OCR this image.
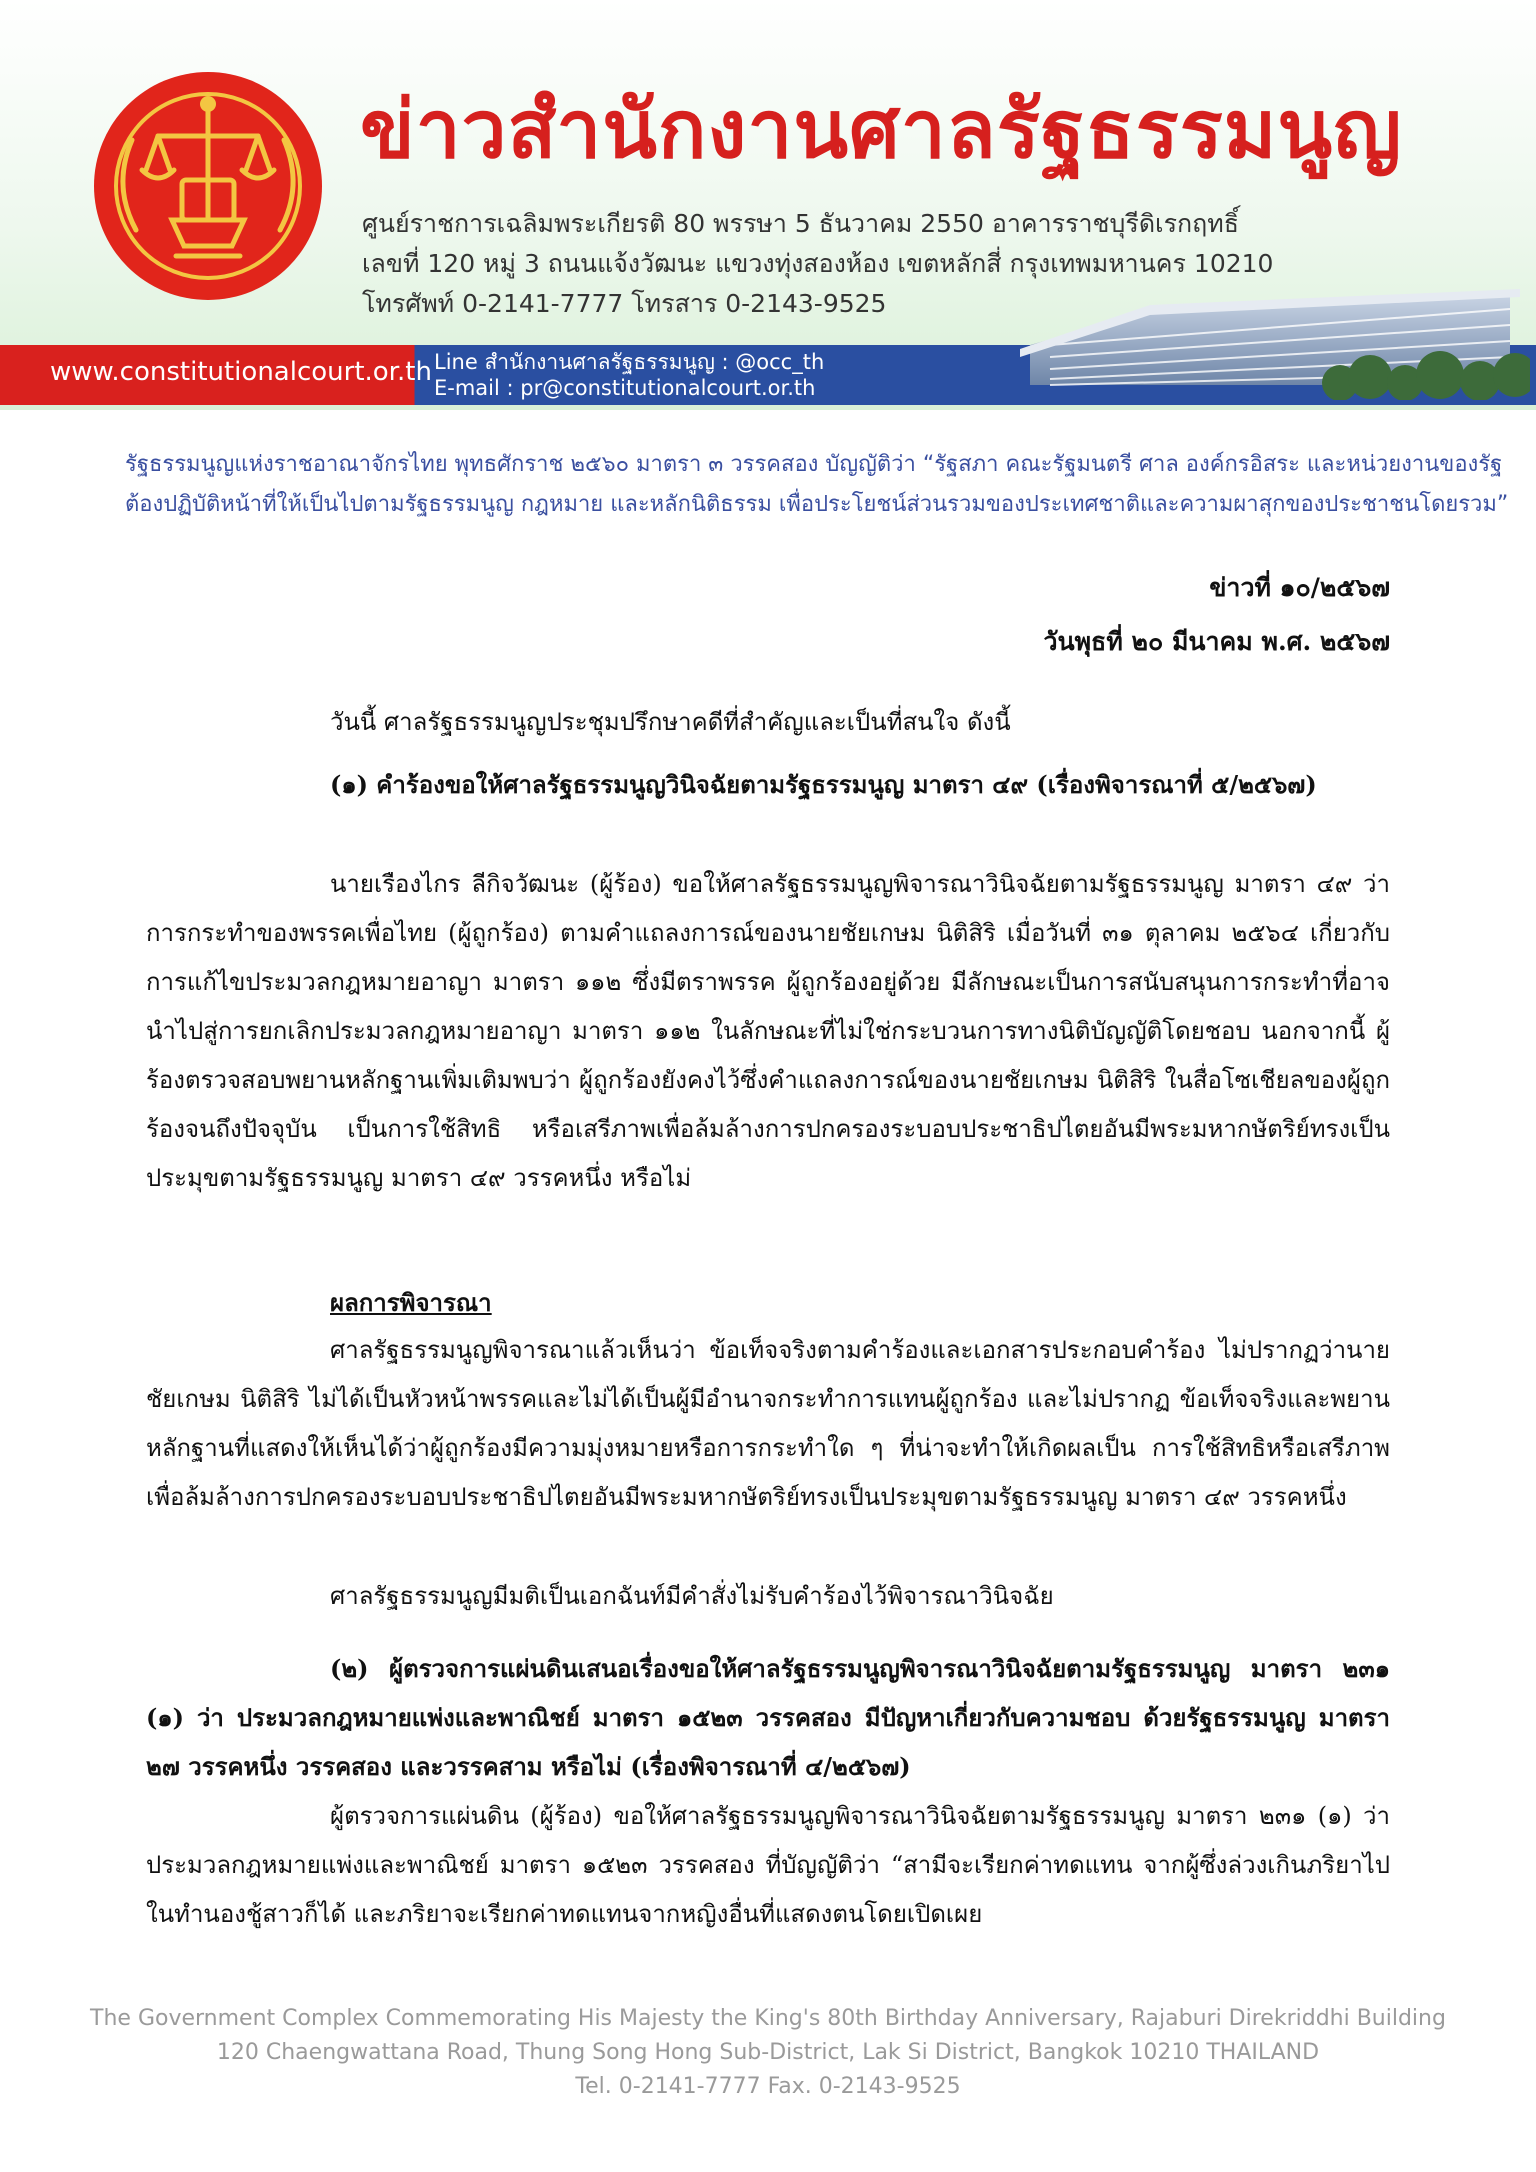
ข่าวสำนักงานศาลรัฐธรรมนูญ
ศูนย์ราชการเฉลิมพระเกียรติ 80 พรรษา 5 ธันวาคม 2550 อาคารราชบุรีดิเรกฤทธิ์
เลขที่ 120 หมู่ 3 ถนนแจ้งวัฒนะ แขวงทุ่งสองห้อง เขตหลักสี่ กรุงเทพมหานคร 10210
โทรศัพท์ 0-2141-7777 โทรสาร 0-2143-9525
www.constitutionalcourt.or.th Line สำนักงานศาลรัฐธรรมนูญ : @occ_th
E-mail : pr@constitutionalcourt.or.th
รัฐธรรมนูญแห่งราชอาณาจักรไทย พุทธศักราช ๒๕๖๐ มาตรา ๓ วรรคสอง บัญญัติว่า “รัฐสภา คณะรัฐมนตรี ศาล องค์กรอิสระ และหน่วยงานของรัฐ
ต้องปฏิบัติหน้าที่ให้เป็นไปตามรัฐธรรมนูญ กฎหมาย และหลักนิติธรรม เพื่อประโยชน์ส่วนรวมของประเทศชาติและความผาสุกของประชาชนโดยรวม”
ข่าวที่ ๑๐/๒๕๖๗
วันพุธที่ ๒๐ มีนาคม พ.ศ. ๒๕๖๗
วันนี้ ศาลรัฐธรรมนูญประชุมปรึกษาคดีที่สำคัญและเป็นที่สนใจ ดังนี้
(๑) คำร้องขอให้ศาลรัฐธรรมนูญวินิจฉัยตามรัฐธรรมนูญ มาตรา ๔๙ (เรื่องพิจารณาที่ ๕/๒๕๖๗)
นายเรืองไกร ลีกิจวัฒนะ (ผู้ร้อง) ขอให้ศาลรัฐธรรมนูญพิจารณาวินิจฉัยตามรัฐธรรมนูญ มาตรา ๔๙ ว่า การกระทำของพรรคเพื่อไทย (ผู้ถูกร้อง) ตามคำแถลงการณ์ของนายชัยเกษม นิติสิริ เมื่อวันที่ ๓๑ ตุลาคม ๒๕๖๔ เกี่ยวกับการแก้ไขประมวลกฎหมายอาญา มาตรา ๑๑๒ ซึ่งมีตราพรรค ผู้ถูกร้องอยู่ด้วย มีลักษณะเป็นการสนับสนุนการกระทำที่อาจนำไปสู่การยกเลิกประมวลกฎหมายอาญา มาตรา ๑๑๒ ในลักษณะที่ไม่ใช่กระบวนการทางนิติบัญญัติโดยชอบ นอกจากนี้ ผู้ร้องตรวจสอบพยานหลักฐานเพิ่มเติมพบว่า ผู้ถูกร้องยังคงไว้ซึ่งคำแถลงการณ์ของนายชัยเกษม นิติสิริ ในสื่อโซเชียลของผู้ถูกร้องจนถึงปัจจุบัน เป็นการใช้สิทธิ หรือเสรีภาพเพื่อล้มล้างการปกครองระบอบประชาธิปไตยอันมีพระมหากษัตริย์ทรงเป็นประมุขตามรัฐธรรมนูญ มาตรา ๔๙ วรรคหนึ่ง หรือไม่
ผลการพิจารณา
ศาลรัฐธรรมนูญพิจารณาแล้วเห็นว่า ข้อเท็จจริงตามคำร้องและเอกสารประกอบคำร้อง ไม่ปรากฏว่านายชัยเกษม นิติสิริ ไม่ได้เป็นหัวหน้าพรรคและไม่ได้เป็นผู้มีอำนาจกระทำการแทนผู้ถูกร้อง และไม่ปรากฏ ข้อเท็จจริงและพยานหลักฐานที่แสดงให้เห็นได้ว่าผู้ถูกร้องมีความมุ่งหมายหรือการกระทำใด ๆ ที่น่าจะทำให้เกิดผลเป็น การใช้สิทธิหรือเสรีภาพเพื่อล้มล้างการปกครองระบอบประชาธิปไตยอันมีพระมหากษัตริย์ทรงเป็นประมุขตามรัฐธรรมนูญ มาตรา ๔๙ วรรคหนึ่ง
ศาลรัฐธรรมนูญมีมติเป็นเอกฉันท์มีคำสั่งไม่รับคำร้องไว้พิจารณาวินิจฉัย
(๒) ผู้ตรวจการแผ่นดินเสนอเรื่องขอให้ศาลรัฐธรรมนูญพิจารณาวินิจฉัยตามรัฐธรรมนูญ มาตรา ๒๓๑ (๑) ว่า ประมวลกฎหมายแพ่งและพาณิชย์ มาตรา ๑๕๒๓ วรรคสอง มีปัญหาเกี่ยวกับความชอบ ด้วยรัฐธรรมนูญ มาตรา ๒๗ วรรคหนึ่ง วรรคสอง และวรรคสาม หรือไม่ (เรื่องพิจารณาที่ ๔/๒๕๖๗)
ผู้ตรวจการแผ่นดิน (ผู้ร้อง) ขอให้ศาลรัฐธรรมนูญพิจารณาวินิจฉัยตามรัฐธรรมนูญ มาตรา ๒๓๑ (๑) ว่า ประมวลกฎหมายแพ่งและพาณิชย์ มาตรา ๑๕๒๓ วรรคสอง ที่บัญญัติว่า “สามีจะเรียกค่าทดแทน จากผู้ซึ่งล่วงเกินภริยาไปในทำนองชู้สาวก็ได้ และภริยาจะเรียกค่าทดแทนจากหญิงอื่นที่แสดงตนโดยเปิดเผย
The Government Complex Commemorating His Majesty the King's 80th Birthday Anniversary, Rajaburi Direkriddhi Building
120 Chaengwattana Road, Thung Song Hong Sub-District, Lak Si District, Bangkok 10210 THAILAND
Tel. 0-2141-7777 Fax. 0-2143-9525
